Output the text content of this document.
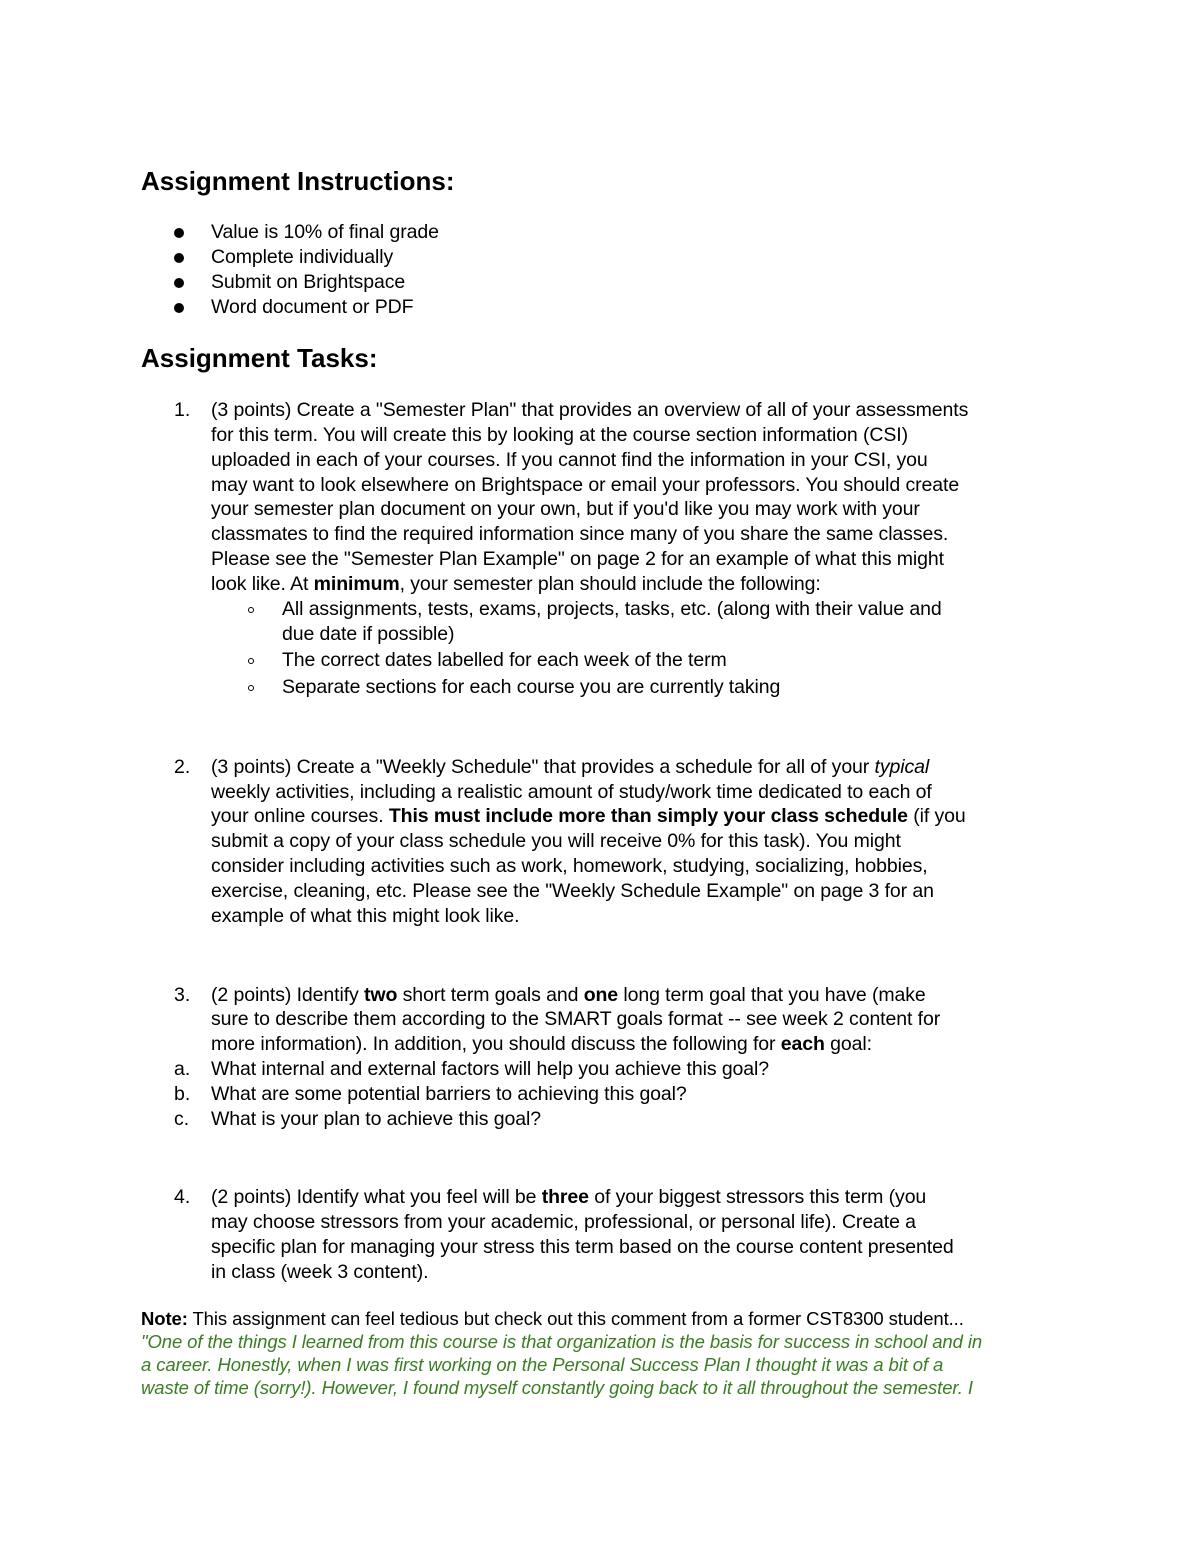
Assignment Instructions:

Value is 10% of final grade

Complete individually

Submit on Brightspace

Word document or PDF

Assignment Tasks:

1. (3 points) Create a "Semester Plan" that provides an overview of all of your assessments

for this term. You will create this by looking at the course section information (CSI)

uploaded in each of your courses. If you cannot find the information in your CSI, you

may want to look elsewhere on Brightspace or email your professors. You should create

your semester plan document on your own, but if you'd like you may work with your

classmates to find the required information since many of you share the same classes.

Please see the "Semester Plan Example" on page 2 for an example of what this might

look like. At minimum, your semester plan should include the following:

All assignments, tests, exams, projects, tasks, etc. (along with their value and

due date if possible)

The correct dates labelled for each week of the term

Separate sections for each course you are currently taking

2. (3 points) Create a "Weekly Schedule" that provides a schedule for all of your typical

weekly activities, including a realistic amount of study/work time dedicated to each of

your online courses. This must include more than simply your class schedule (if you

submit a copy of your class schedule you will receive 0% for this task). You might

consider including activities such as work, homework, studying, socializing, hobbies,

exercise, cleaning, etc. Please see the "Weekly Schedule Example" on page 3 for an

example of what this might look like.

3. (2 points) Identify two short term goals and one long term goal that you have (make

sure to describe them according to the SMART goals format -- see week 2 content for

more information). In addition, you should discuss the following for each goal:

a. What internal and external factors will help you achieve this goal?

b. What are some potential barriers to achieving this goal?

c. What is your plan to achieve this goal?

4. (2 points) Identify what you feel will be three of your biggest stressors this term (you

may choose stressors from your academic, professional, or personal life). Create a

specific plan for managing your stress this term based on the course content presented

in class (week 3 content).

Note: This assignment can feel tedious but check out this comment from a former CST8300 student...

"One of the things I learned from this course is that organization is the basis for success in school and in

a career. Honestly, when I was first working on the Personal Success Plan I thought it was a bit of a

waste of time (sorry!). However, I found myself constantly going back to it all throughout the semester. I
